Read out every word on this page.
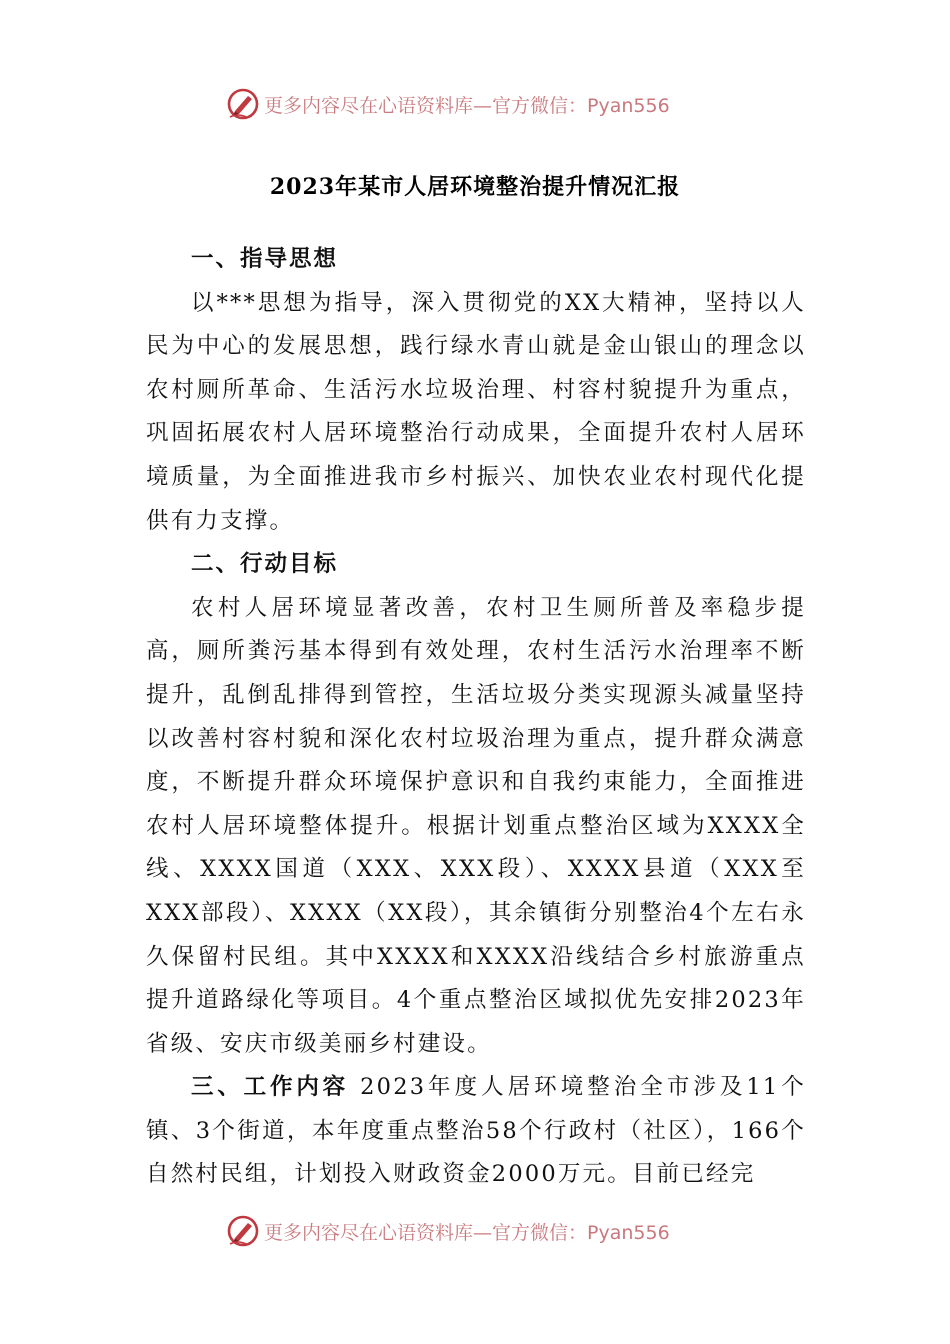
更多内容尽在心语资料库—官方微信：Pyan556
2023年某市人居环境整治提升情况汇报

一、指导思想

以***思想为指导，深入贯彻党的XX大精神，坚持以人民为中心的发展思想，践行绿水青山就是金山银山的理念以农村厕所革命、生活污水垃圾治理、村容村貌提升为重点，巩固拓展农村人居环境整治行动成果，全面提升农村人居环境质量，为全面推进我市乡村振兴、加快农业农村现代化提供有力支撑。

二、行动目标

农村人居环境显著改善，农村卫生厕所普及率稳步提高，厕所粪污基本得到有效处理，农村生活污水治理率不断提升，乱倒乱排得到管控，生活垃圾分类实现源头减量坚持以改善村容村貌和深化农村垃圾治理为重点，提升群众满意度，不断提升群众环境保护意识和自我约束能力，全面推进农村人居环境整体提升。根据计划重点整治区域为XXXX全线、XXXX国道（XXX、XXX段）、XXXX县道（XXX至XXX部段）、XXXX（XX段），其余镇街分别整治4个左右永久保留村民组。其中XXXX和XXXX沿线结合乡村旅游重点提升道路绿化等项目。4个重点整治区域拟优先安排2023年省级、安庆市级美丽乡村建设。

三、工作内容 2023年度人居环境整治全市涉及11个镇、3个街道，本年度重点整治58个行政村（社区），166个自然村民组，计划投入财政资金2000万元。目前已经完

更多内容尽在心语资料库—官方微信：Pyan556
